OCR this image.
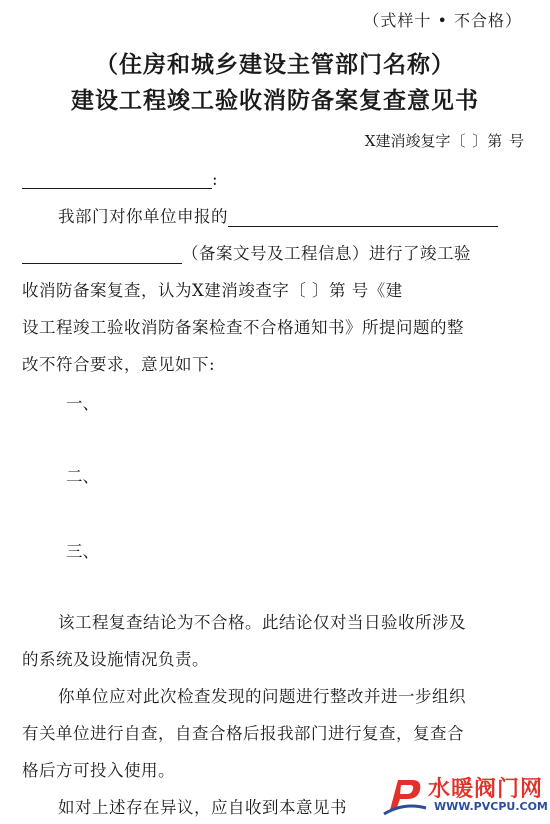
（式样十 • 不合格）
（住房和城乡建设主管部门名称）
建设工程竣工验收消防备案复查意见书
X建消竣复字〔 〕第 号
:
我部门对你单位申报的
（备案文号及工程信息）进行了竣工验
收消防备案复查，认为X建消竣查字〔 〕第 号《建
设工程竣工验收消防备案检查不合格通知书》所提问题的整
改不符合要求，意见如下:
一、
二、
三、
该工程复查结论为不合格。此结论仅对当日验收所涉及
的系统及设施情况负责。
你单位应对此次检查发现的问题进行整改并进一步组织
有关单位进行自查，自查合格后报我部门进行复查，复查合
格后方可投入使用。
如对上述存在异议，应自收到本意见书
水暖阀门网
WWW.PVCPU.COM
